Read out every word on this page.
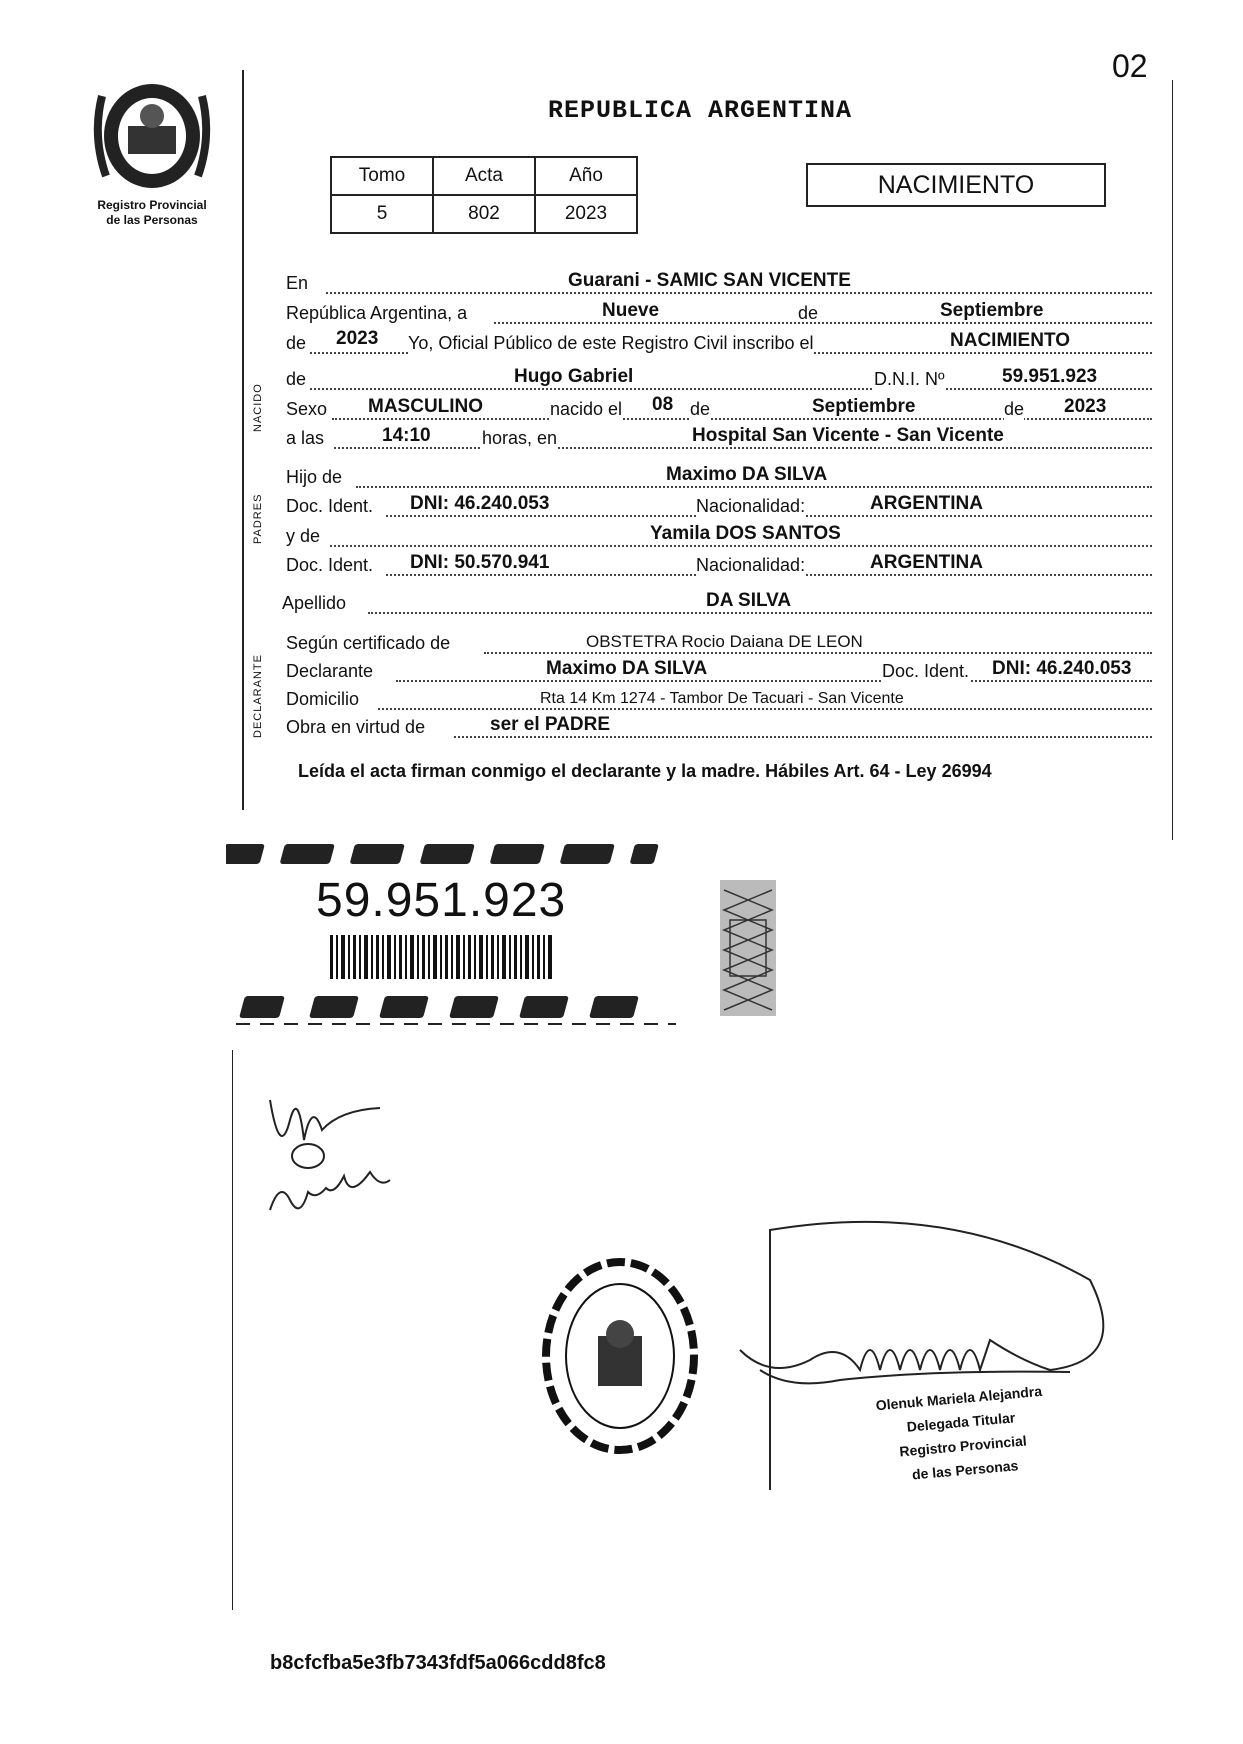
02
Registro Provincial
de las Personas
REPUBLICA ARGENTINA
Tomo	Acta	Año
5	802	2023
NACIMIENTO
NACIDO
PADRES
DECLARANTE
En	Guarani - SAMIC SAN VICENTE
República Argentina, a	Nueve	de	Septiembre
de 2023 Yo, Oficial Público de este Registro Civil inscribo el	NACIMIENTO
de	Hugo Gabriel	D.N.I. Nº	59.951.923
Sexo MASCULINO	nacido el 08 de	Septiembre	de 2023
a las	14:10	horas, en	Hospital San Vicente - San Vicente
Hijo de	Maximo DA SILVA
Doc. Ident. DNI: 46.240.053	Nacionalidad:	ARGENTINA
y de	Yamila DOS SANTOS
Doc. Ident. DNI: 50.570.941	Nacionalidad:	ARGENTINA
Apellido	DA SILVA
Según certificado de	OBSTETRA Rocio Daiana DE LEON
Declarante	Maximo DA SILVA	Doc. Ident. DNI: 46.240.053
Domicilio	Rta 14 Km 1274 - Tambor De Tacuari - San Vicente
Obra en virtud de	ser el PADRE
Leída el acta firman conmigo el declarante y la madre. Hábiles Art. 64 - Ley 26994
59.951.923
Olenuk Mariela Alejandra
Delegada Titular
Registro Provincial
de las Personas
b8cfcfba5e3fb7343fdf5a066cdd8fc8
